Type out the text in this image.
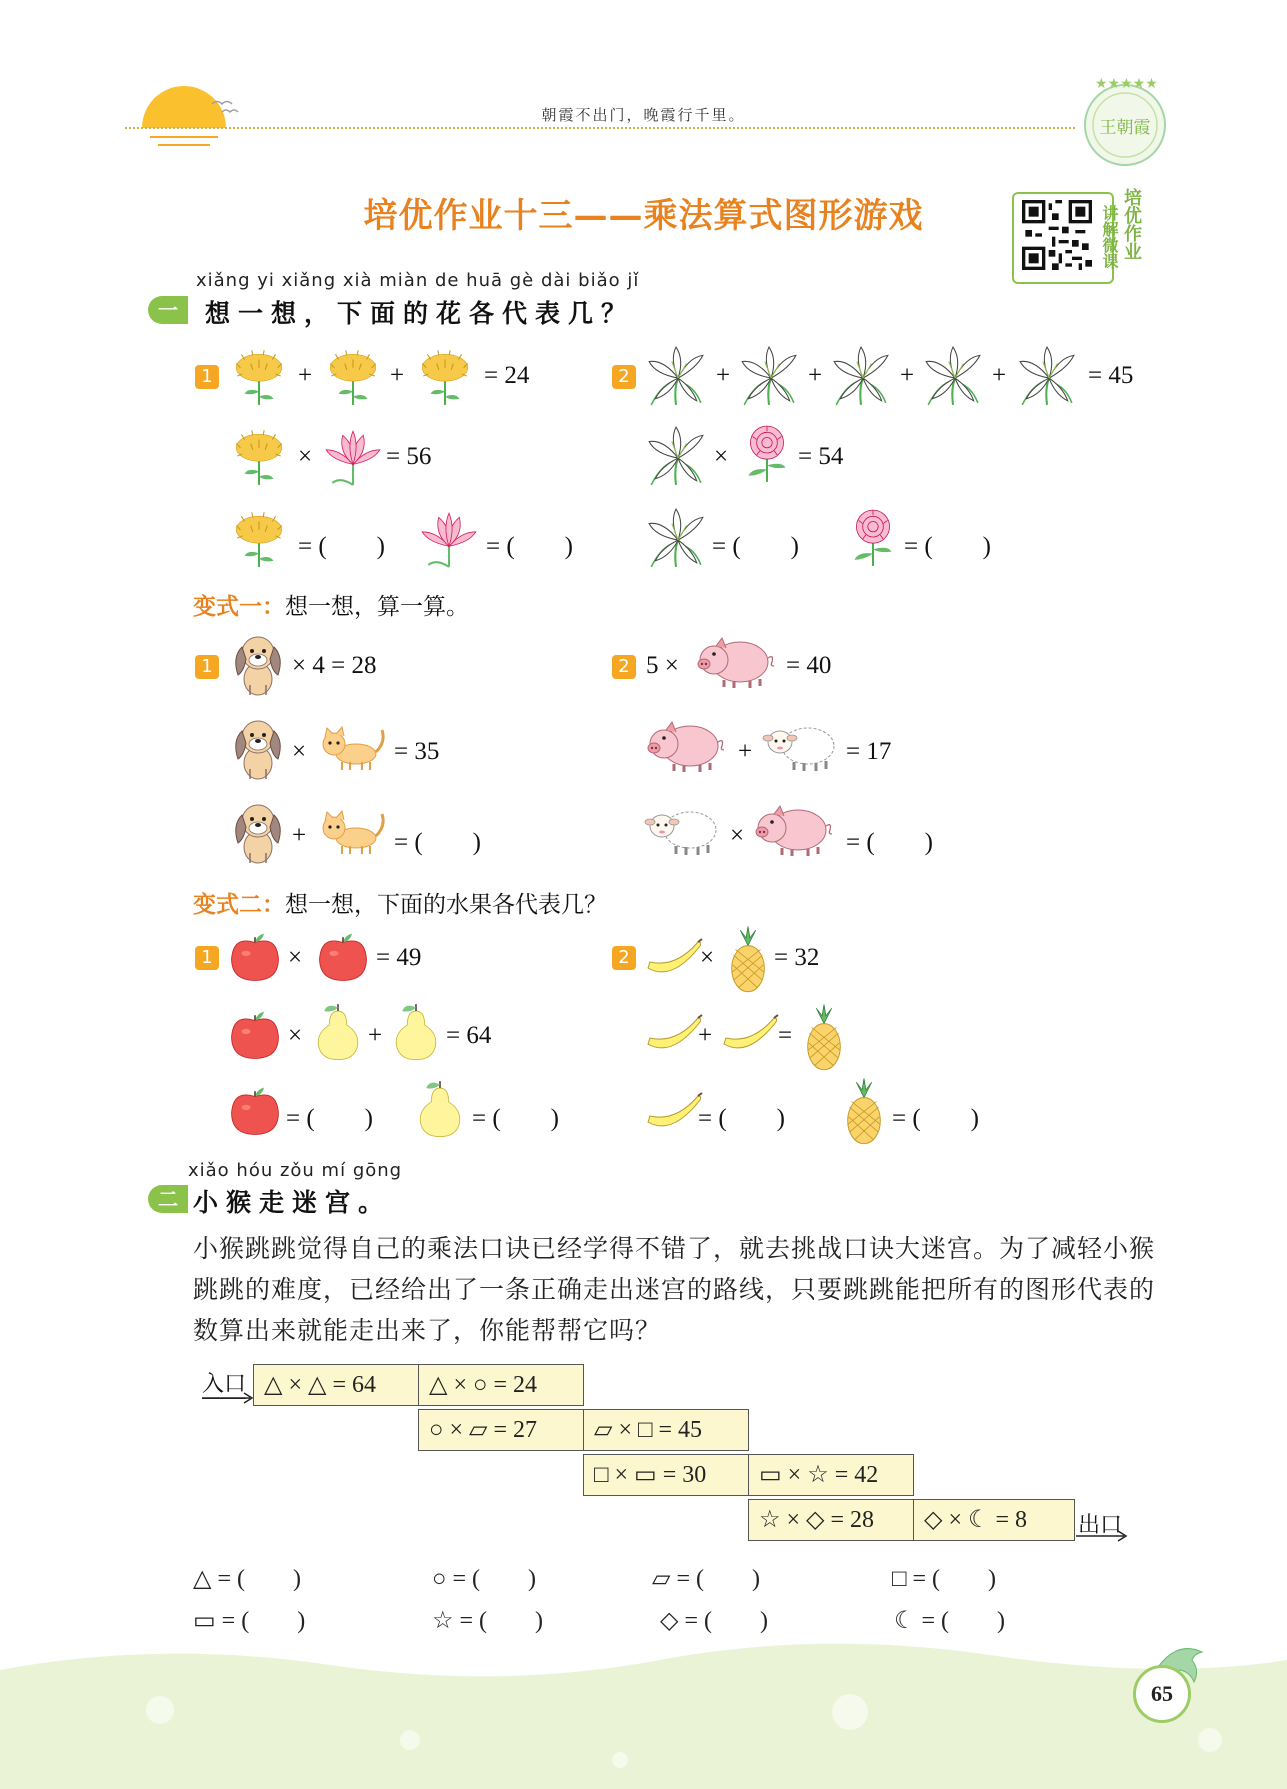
王朝霞
★★★★★
朝霞不出门，晚霞行千里。
培优作业十三——乘法算式图形游戏	讲解微课 培优作业
xiǎng yi xiǎng xià miàn de huā gè dài biǎo jǐ
一	想一想，下面的花各代表几？
1	+	+	= 24
×	= 56
= (　　)	= (　　)
2	+	+	+	+	= 45
×	= 54
= (　　)	= (　　)
变式一：想一想，算一算。
1	× 4 = 28
×	= 35
+	= (　　)
2 5 ×	= 40
+	= 17
×	= (　　)
变式二：想一想，下面的水果各代表几？
1	×	= 49
×	+	= 64
= (　　)	= (　　)
2	× = 32
+	=
= (　　)	= (　　)
xiǎo hóu zǒu mí gōng
二 小猴走迷宫。
小猴跳跳觉得自己的乘法口诀已经学得不错了，就去挑战口诀大迷宫。为了减轻小猴跳跳的难度，已经给出了一条正确走出迷宫的路线，只要跳跳能把所有的图形代表的数算出来就能走出来了，你能帮帮它吗？
入口 △ × △ = 64	△ × ○ = 24
○ × ▱ = 27	▱ × □ = 45
□ × ▭ = 30	▭ × ☆ = 42
☆ × ◇ = 28	◇ × ☾ = 8	出口
△ = (　　)	○ = (　　)	▱ = (　　)	□ = (　　)
▭ = (　　)	☆ = (　　)	◇ = (　　)	☾ = (　　)
65
